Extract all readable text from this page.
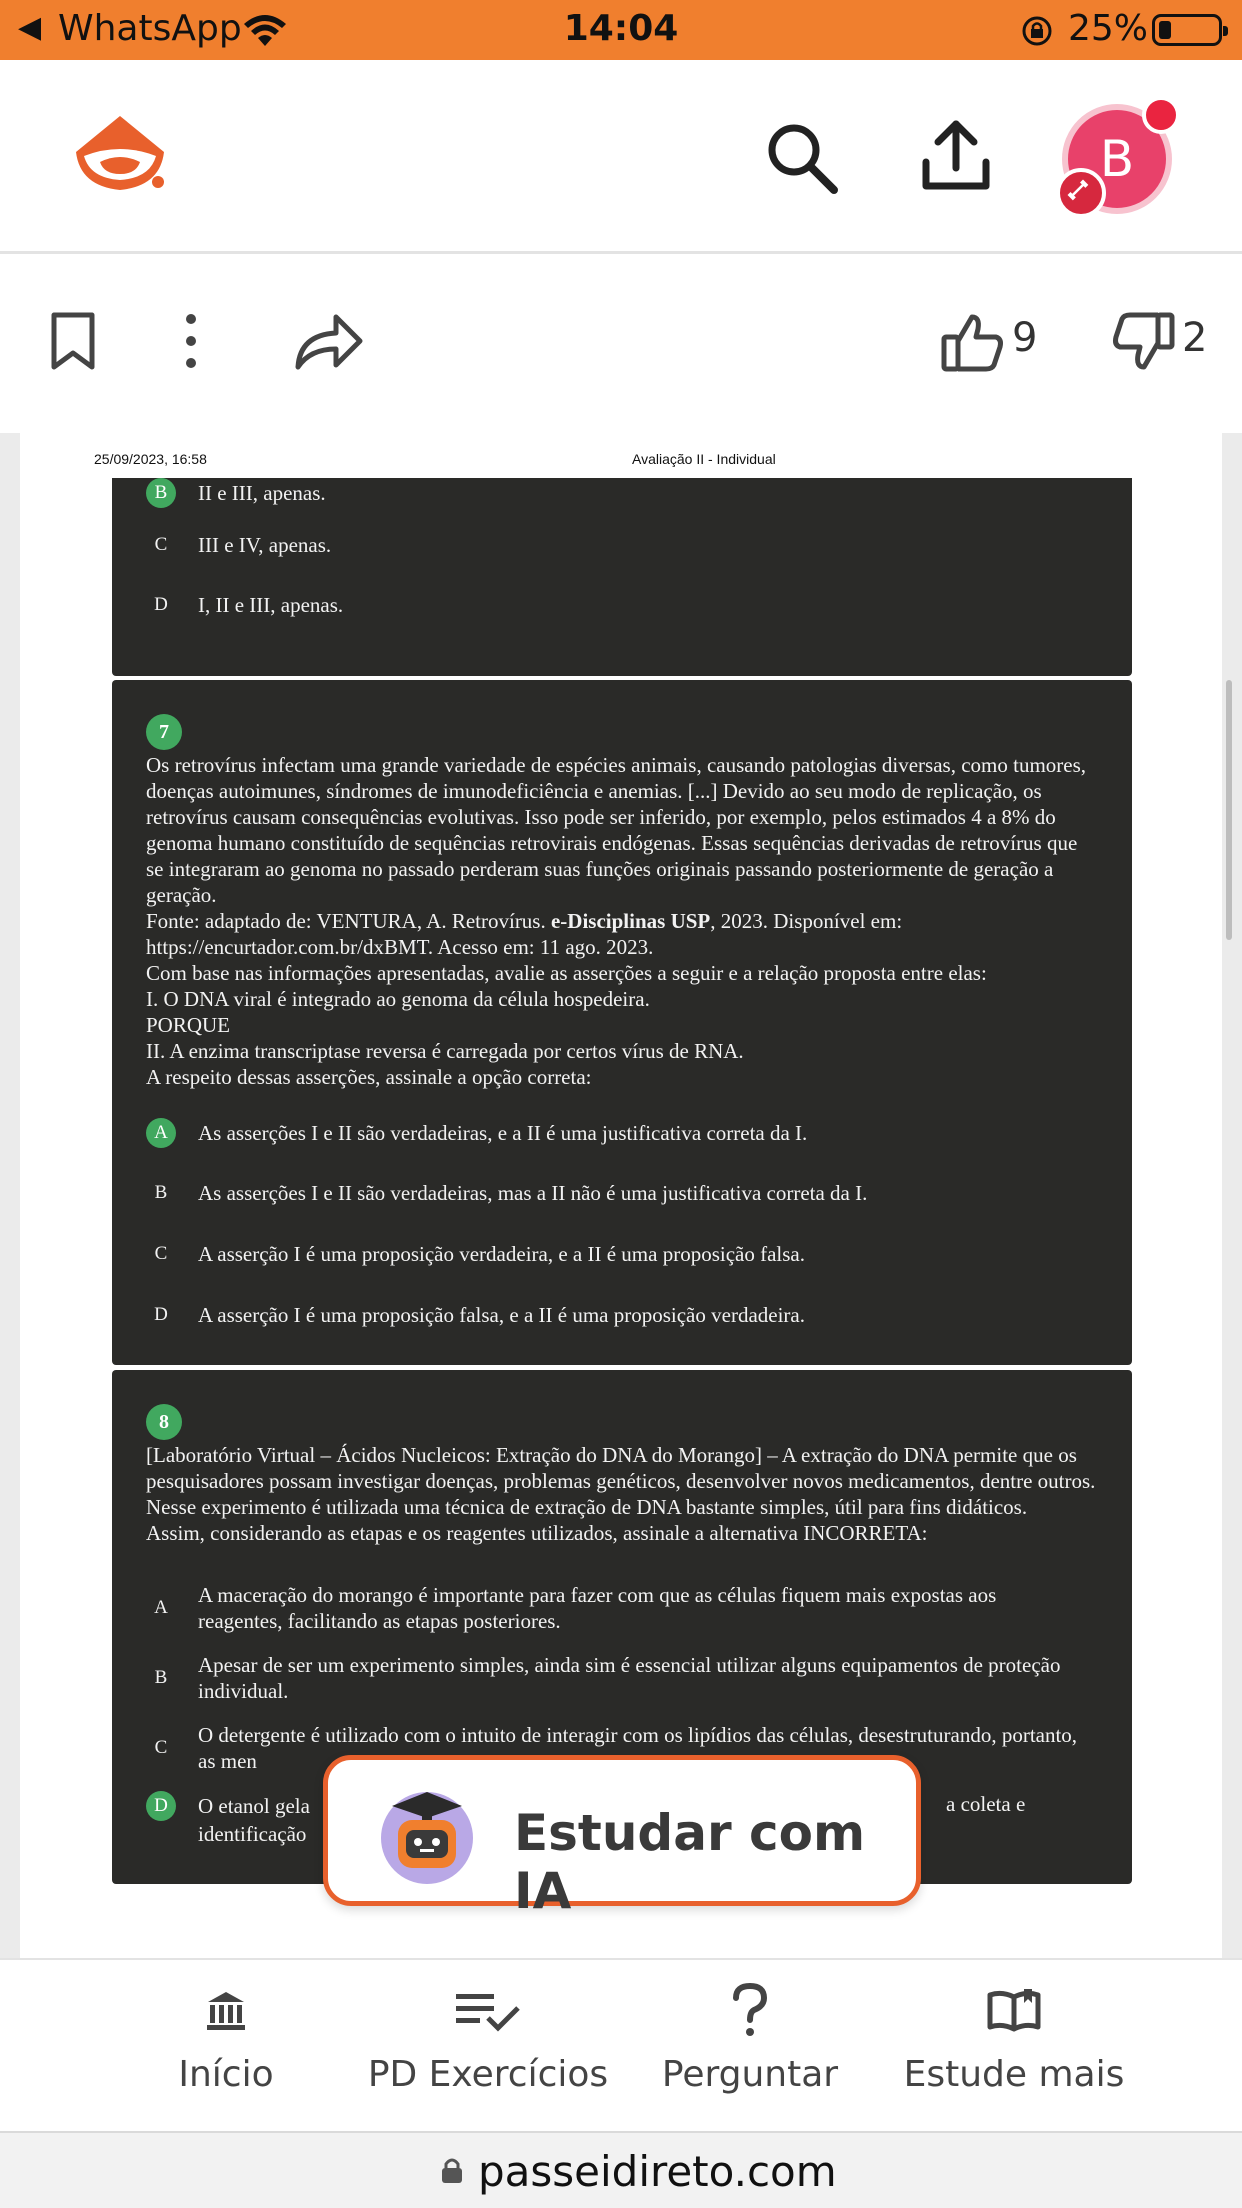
◀ WhatsApp	14:04	25%
B
9	2
25/09/2023, 16:58	Avaliação II - Individual
B II e III, apenas.
C III e IV, apenas.
D I, II e III, apenas.
7

Os retrovírus infectam uma grande variedade de espécies animais, causando patologias diversas, como tumores, doenças autoimunes, síndromes de imunodeficiência e anemias. [...] Devido ao seu modo de replicação, os retrovírus causam consequências evolutivas. Isso pode ser inferido, por exemplo, pelos estimados 4 a 8% do genoma humano constituído de sequências retrovirais endógenas. Essas sequências derivadas de retrovírus que se integraram ao genoma no passado perderam suas funções originais passando posteriormente de geração a geração.

Fonte: adaptado de: VENTURA, A. Retrovírus. e-Disciplinas USP, 2023. Disponível em: https://encurtador.com.br/dxBMT. Acesso em: 11 ago. 2023.

Com base nas informações apresentadas, avalie as asserções a seguir e a relação proposta entre elas:

I. O DNA viral é integrado ao genoma da célula hospedeira.

PORQUE

II. A enzima transcriptase reversa é carregada por certos vírus de RNA.

A respeito dessas asserções, assinale a opção correta:

A As asserções I e II são verdadeiras, e a II é uma justificativa correta da I.
B As asserções I e II são verdadeiras, mas a II não é uma justificativa correta da I.
C A asserção I é uma proposição verdadeira, e a II é uma proposição falsa.
D A asserção I é uma proposição falsa, e a II é uma proposição verdadeira.
8

[Laboratório Virtual – Ácidos Nucleicos: Extração do DNA do Morango] – A extração do DNA permite que os pesquisadores possam investigar doenças, problemas genéticos, desenvolver novos medicamentos, dentre outros. Nesse experimento é utilizada uma técnica de extração de DNA bastante simples, útil para fins didáticos.

Assim, considerando as etapas e os reagentes utilizados, assinale a alternativa INCORRETA:

A
A maceração do morango é importante para fazer com que as células fiquem mais expostas aos reagentes, facilitando as etapas posteriores.
B
Apesar de ser um experimento simples, ainda sim é essencial utilizar alguns equipamentos de proteção individual.
C
O detergente é utilizado com o intuito de interagir com os lipídios das células, desestruturando, portanto, as men
D O etanol gela	a coleta e
identificação	Estudar com IA
Início	PD Exercícios	Perguntar	Estude mais
passeidireto.com
